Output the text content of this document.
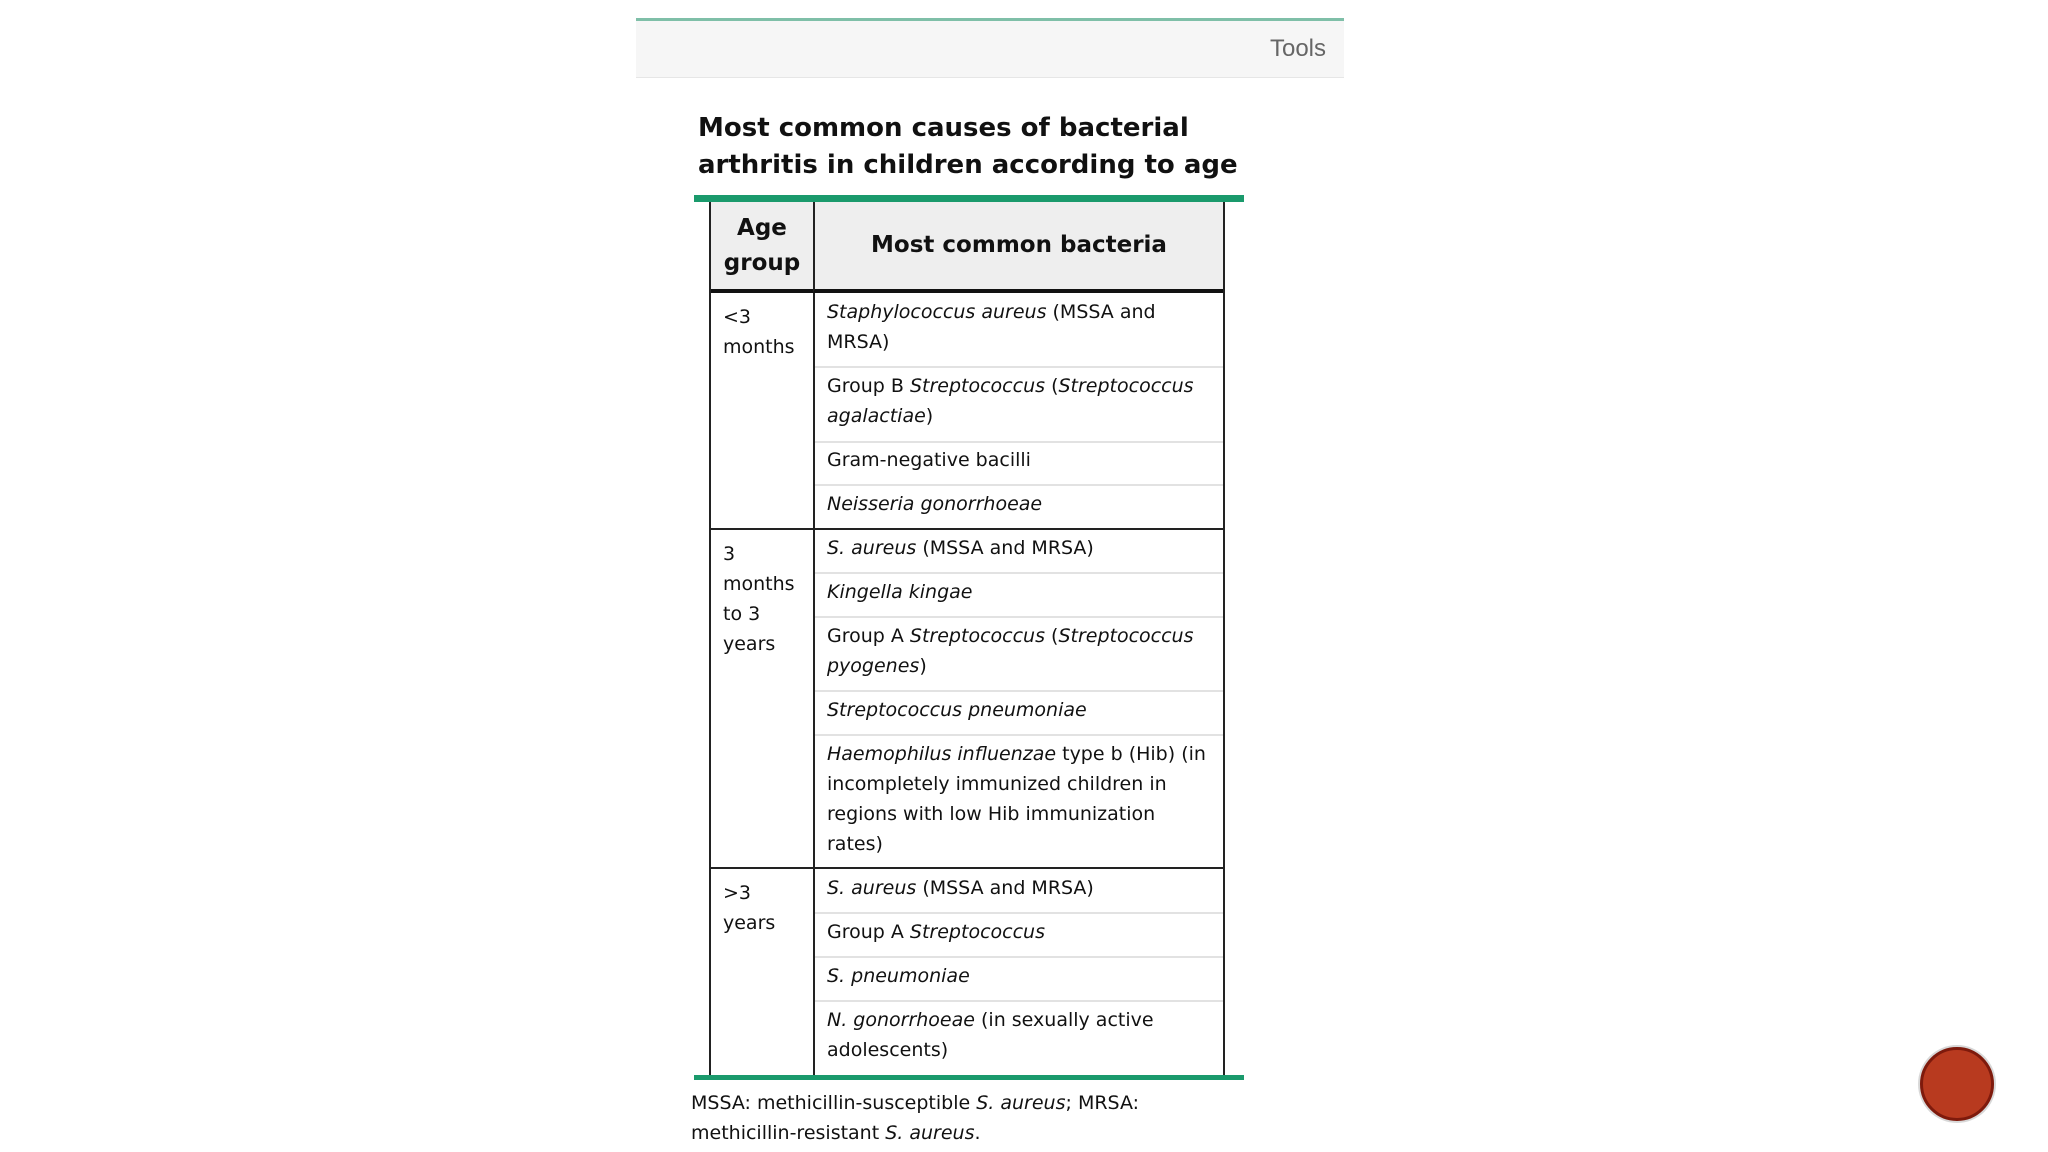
Tools
Most common causes of bacterial
arthritis in children according to age
Age
group
Most common bacteria
<3
months
Staphylococcus aureus (MSSA and
MRSA)
Group B Streptococcus (Streptococcus
agalactiae)
Gram-negative bacilli
Neisseria gonorrhoeae
3
months
to 3
years
S. aureus (MSSA and MRSA)
Kingella kingae
Group A Streptococcus (Streptococcus
pyogenes)
Streptococcus pneumoniae
Haemophilus influenzae type b (Hib) (in
incompletely immunized children in
regions with low Hib immunization
rates)
>3
years
S. aureus (MSSA and MRSA)
Group A Streptococcus
S. pneumoniae
N. gonorrhoeae (in sexually active
adolescents)
MSSA: methicillin-susceptible S. aureus; MRSA:
methicillin-resistant S. aureus.
